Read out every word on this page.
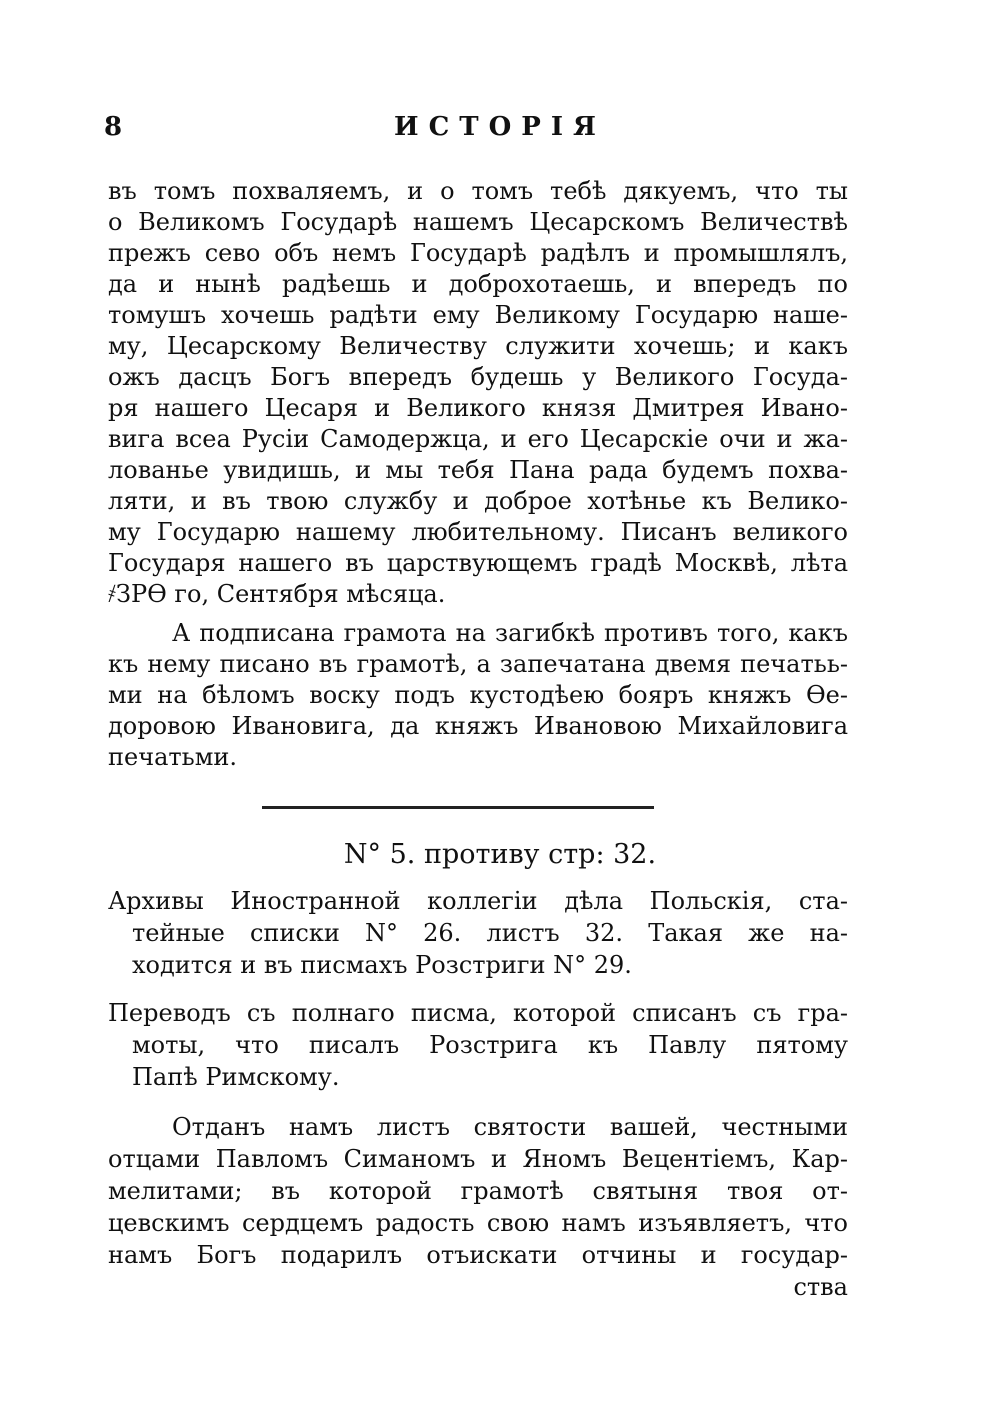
8	ИСТОРІЯ
въ томъ похваляемъ, и о томъ тебѣ дякуемъ, что ты
о Великомъ Государѣ нашемъ Цесарскомъ Величествѣ
прежъ сево объ немъ Государѣ радѣлъ и промышлялъ,
да и нынѣ радѣешь и доброхотаешь, и впередъ по
томушъ хочешь радѣти ему Великому Государю наше-
му, Цесарскому Величеству служити хочешь; и какъ
ожъ дасцъ Богъ впередъ будешь у Великого Госуда-
ря нашего Цесаря и Великого князя Дмитрея Ивано-
вига всеа Русіи Самодержца, и его Цесарскіе очи и жа-
лованье увидишь, и мы тебя Пана рада будемъ похва-
ляти, и въ твою службу и доброе хотѣнье къ Велико-
му Государю нашему любительному. Писанъ великого
Государя нашего въ царствующемъ градѣ Москвѣ, лѣта
҂ЗРѲ го, Сентября мѣсяца.
А подписана грамота на загибкѣ противъ того, какъ
къ нему писано въ грамотѣ, а запечатана двемя печатьь-
ми на бѣломъ воску подъ кустодѣею бояръ княжъ Ѳе-
доровою Ивановига, да княжъ Ивановою Михайловига
печатьми.
N° 5. противу стр: 32.
Архивы Иностранной коллегіи дѣла Польскія, ста-
тейные списки N° 26. листъ 32. Такая же на-
ходится и въ писмахъ Розстриги N° 29.
Переводъ съ полнаго писма, которой списанъ съ гра-
моты, что писалъ Розстрига къ Павлу пятому
Папѣ Римскому.
Отданъ намъ листъ святости вашей, честными
отцами Павломъ Симаномъ и Яномъ Вецентіемъ, Кар-
мелитами; въ которой грамотѣ святыня твоя от-
цевскимъ сердцемъ радость свою намъ изъявляетъ, что
намъ Богъ подарилъ отъискати отчины и государ-
ства
